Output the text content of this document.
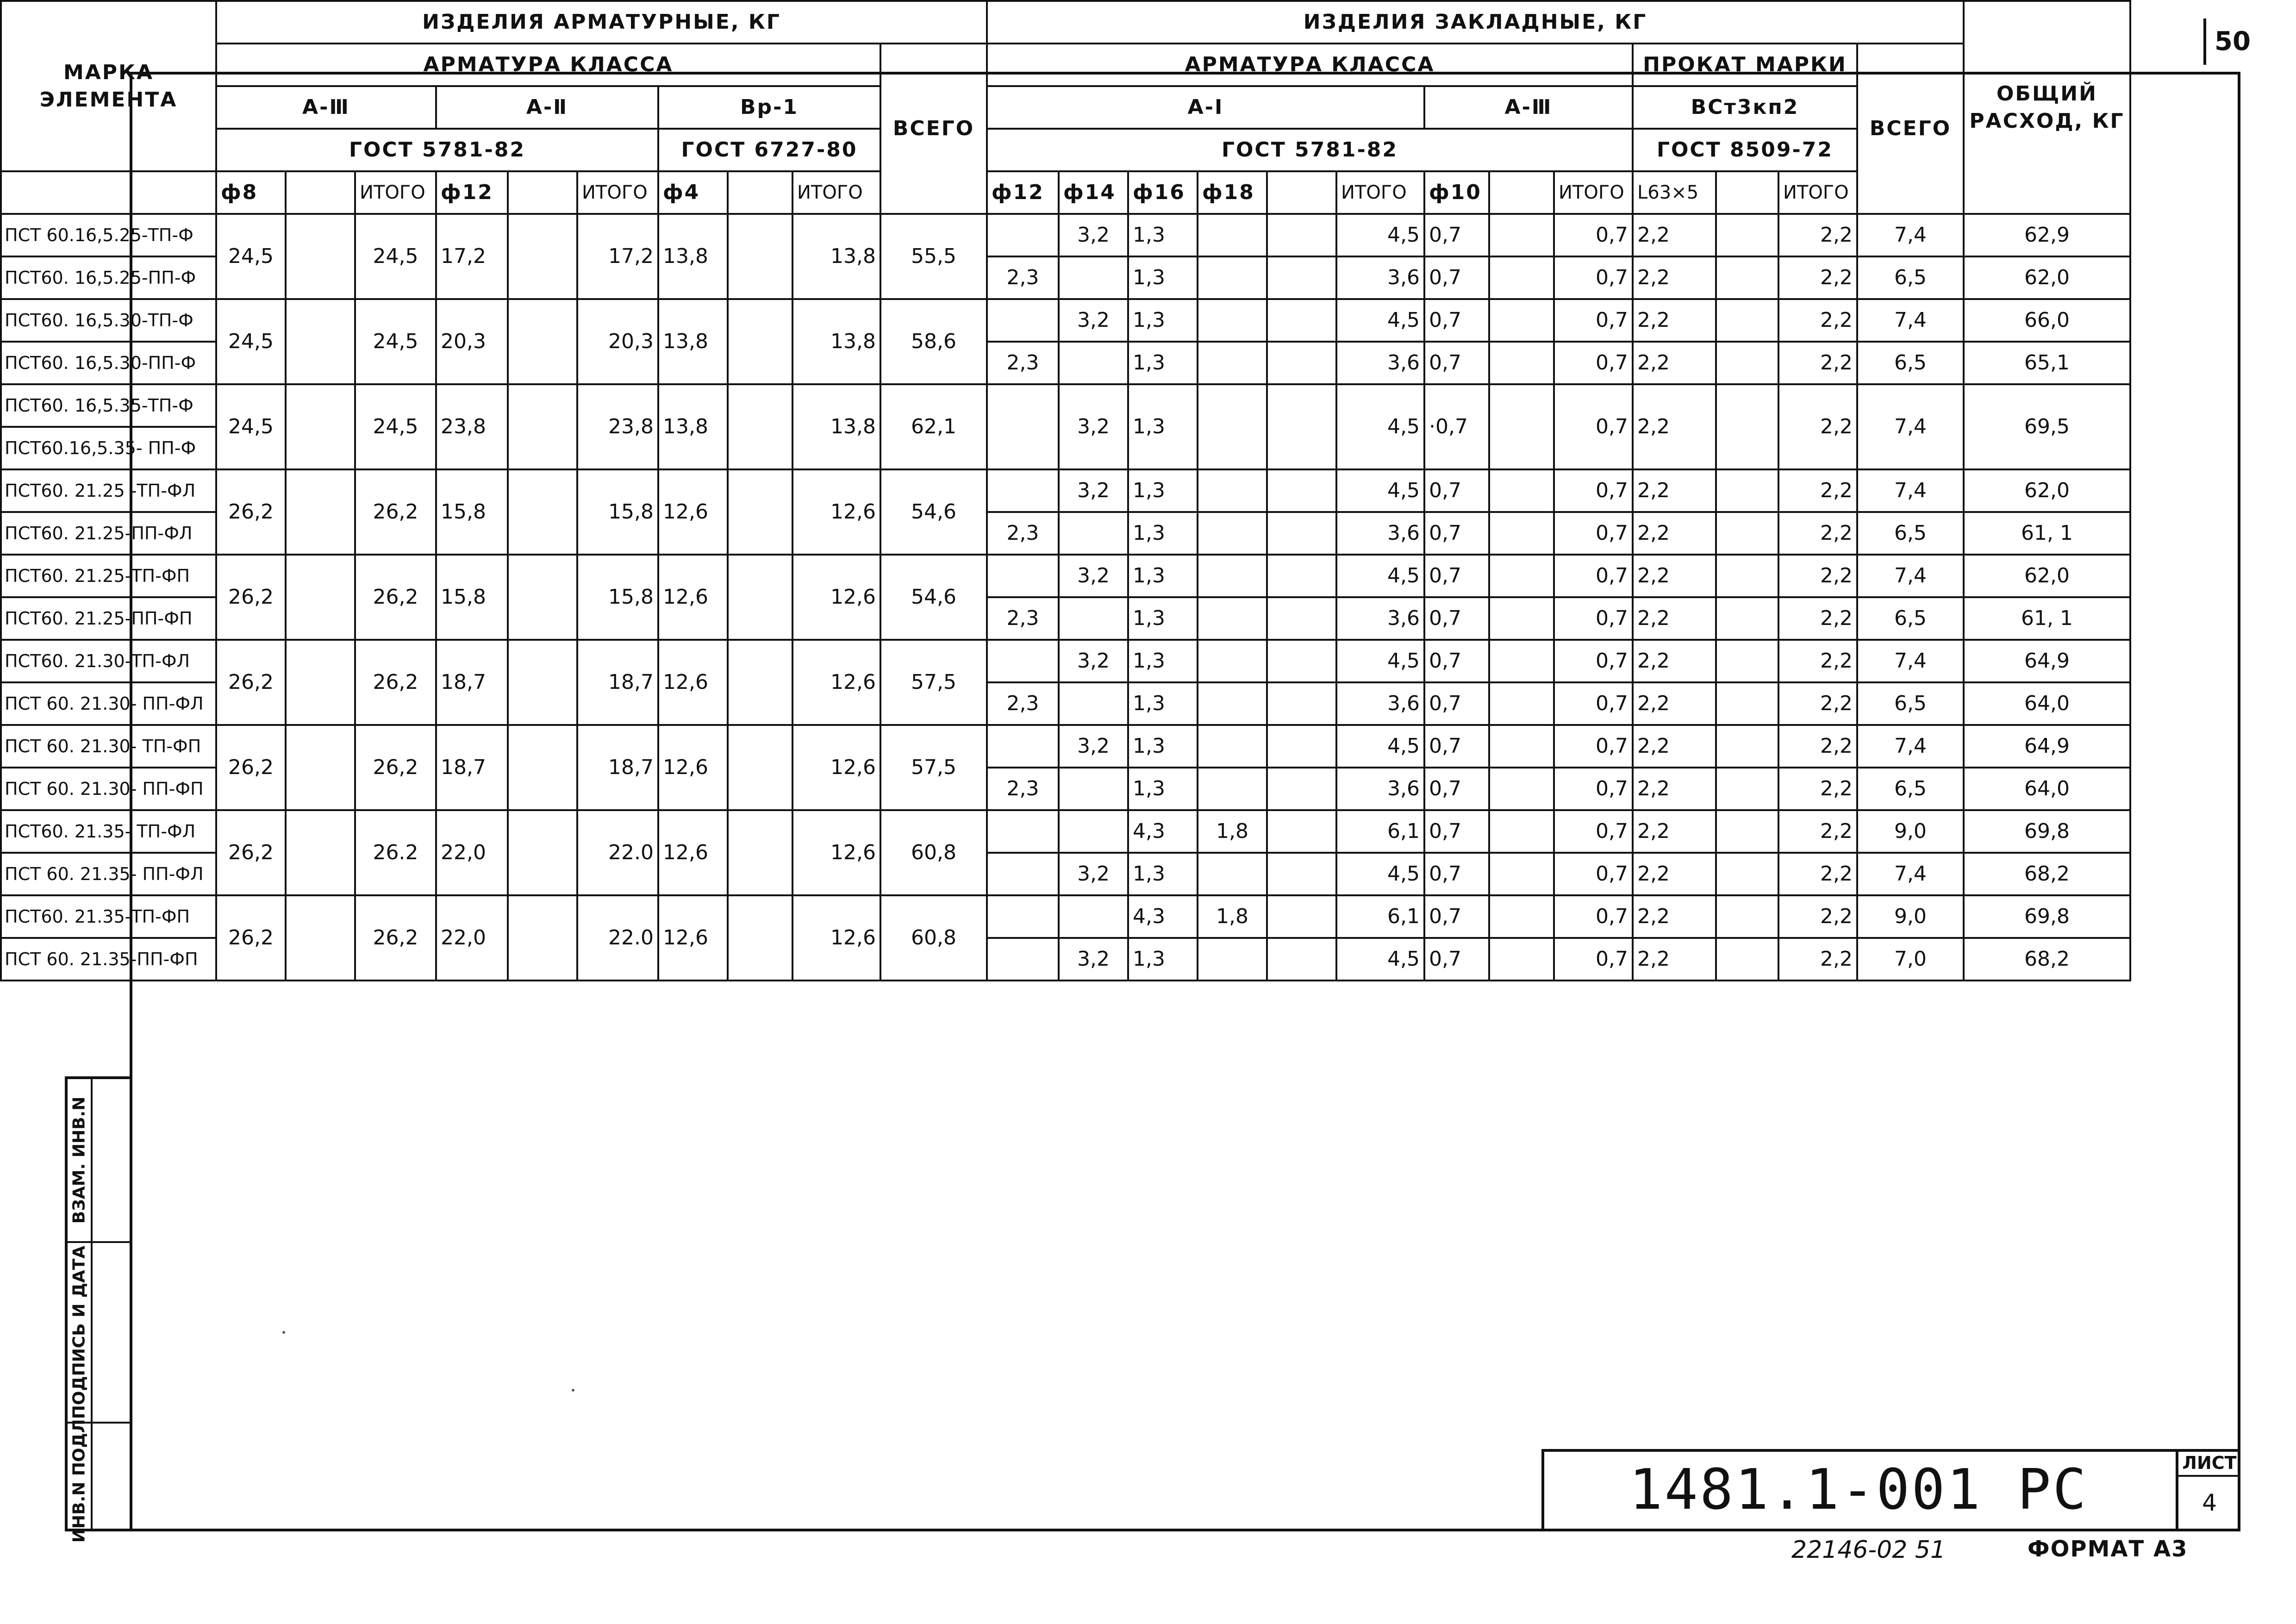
50
МАРКА ЭЛЕМЕНТА	ИЗДЕЛИЯ АРМАТУРНЫЕ, КГ										ИЗДЕЛИЯ ЗАКЛАДНЫЕ, КГ													ОБЩИЙ РАСХОД, КГ
	АРМАТУРА КЛАССА									ВСЕГО	АРМАТУРА КЛАССА									ПРОКАТ МАРКИ			ВСЕГО	
	А-Ⅲ			А-Ⅱ			Вр-1				А-Ⅰ						А-Ⅲ			ВСт3кп2				
	ГОСТ 5781-82						ГОСТ 6727-80				ГОСТ 5781-82									ГОСТ 8509-72				
	ф8		ИТОГО	ф12		ИТОГО	ф4		ИТОГО		ф12	ф14	ф16	ф18		ИТОГО	ф10		ИТОГО	L63×5		ИТОГО		
ПСТ 60.16,5.25-ТП-Ф	24,5		24,5	17,2		17,2	13,8		13,8	55,5		3,2	1,3			4,5	0,7		0,7	2,2		2,2	7,4	62,9
ПСТ60. 16,5.25-ПП-Ф											2,3		1,3			3,6	0,7		0,7	2,2		2,2	6,5	62,0
ПСТ60. 16,5.30-ТП-Ф	24,5		24,5	20,3		20,3	13,8		13,8	58,6		3,2	1,3			4,5	0,7		0,7	2,2		2,2	7,4	66,0
ПСТ60. 16,5.30-ПП-Ф											2,3		1,3			3,6	0,7		0,7	2,2		2,2	6,5	65,1
ПСТ60. 16,5.35-ТП-Ф	24,5		24,5	23,8		23,8	13,8		13,8	62,1		3,2	1,3			4,5	·0,7		0,7	2,2		2,2	7,4	69,5
ПСТ60.16,5.35- ПП-Ф																								
ПСТ60. 21.25 -ТП-ФЛ	26,2		26,2	15,8		15,8	12,6		12,6	54,6		3,2	1,3			4,5	0,7		0,7	2,2		2,2	7,4	62,0
ПСТ60. 21.25-ПП-ФЛ											2,3		1,3			3,6	0,7		0,7	2,2		2,2	6,5	61, 1
ПСТ60. 21.25-ТП-ФП	26,2		26,2	15,8		15,8	12,6		12,6	54,6		3,2	1,3			4,5	0,7		0,7	2,2		2,2	7,4	62,0
ПСТ60. 21.25-ПП-ФП											2,3		1,3			3,6	0,7		0,7	2,2		2,2	6,5	61, 1
ПСТ60. 21.30-ТП-ФЛ	26,2		26,2	18,7		18,7	12,6		12,6	57,5		3,2	1,3			4,5	0,7		0,7	2,2		2,2	7,4	64,9
ПСТ 60. 21.30- ПП-ФЛ											2,3		1,3			3,6	0,7		0,7	2,2		2,2	6,5	64,0
ПСТ 60. 21.30- ТП-ФП	26,2		26,2	18,7		18,7	12,6		12,6	57,5		3,2	1,3			4,5	0,7		0,7	2,2		2,2	7,4	64,9
ПСТ 60. 21.30- ПП-ФП											2,3		1,3			3,6	0,7		0,7	2,2		2,2	6,5	64,0
ПСТ60. 21.35- ТП-ФЛ	26,2		26.2	22,0		22.0	12,6		12,6	60,8			4,3	1,8		6,1	0,7		0,7	2,2		2,2	9,0	69,8
ПСТ 60. 21.35- ПП-ФЛ												3,2	1,3			4,5	0,7		0,7	2,2		2,2	7,4	68,2
ПСТ60. 21.35-ТП-ФП	26,2		26,2	22,0		22.0	12,6		12,6	60,8			4,3	1,8		6,1	0,7		0,7	2,2		2,2	9,0	69,8
ПСТ 60. 21.35-ПП-ФП												3,2	1,3			4,5	0,7		0,7	2,2		2,2	7,0	68,2
ВЗАМ. ИНВ.N
ПОДПИСЬ И ДАТА
ИНВ.N ПОДЛ.	1481.1-001 РС	ЛИСТ
4
22146-02 51	ФОРМАТ А3
